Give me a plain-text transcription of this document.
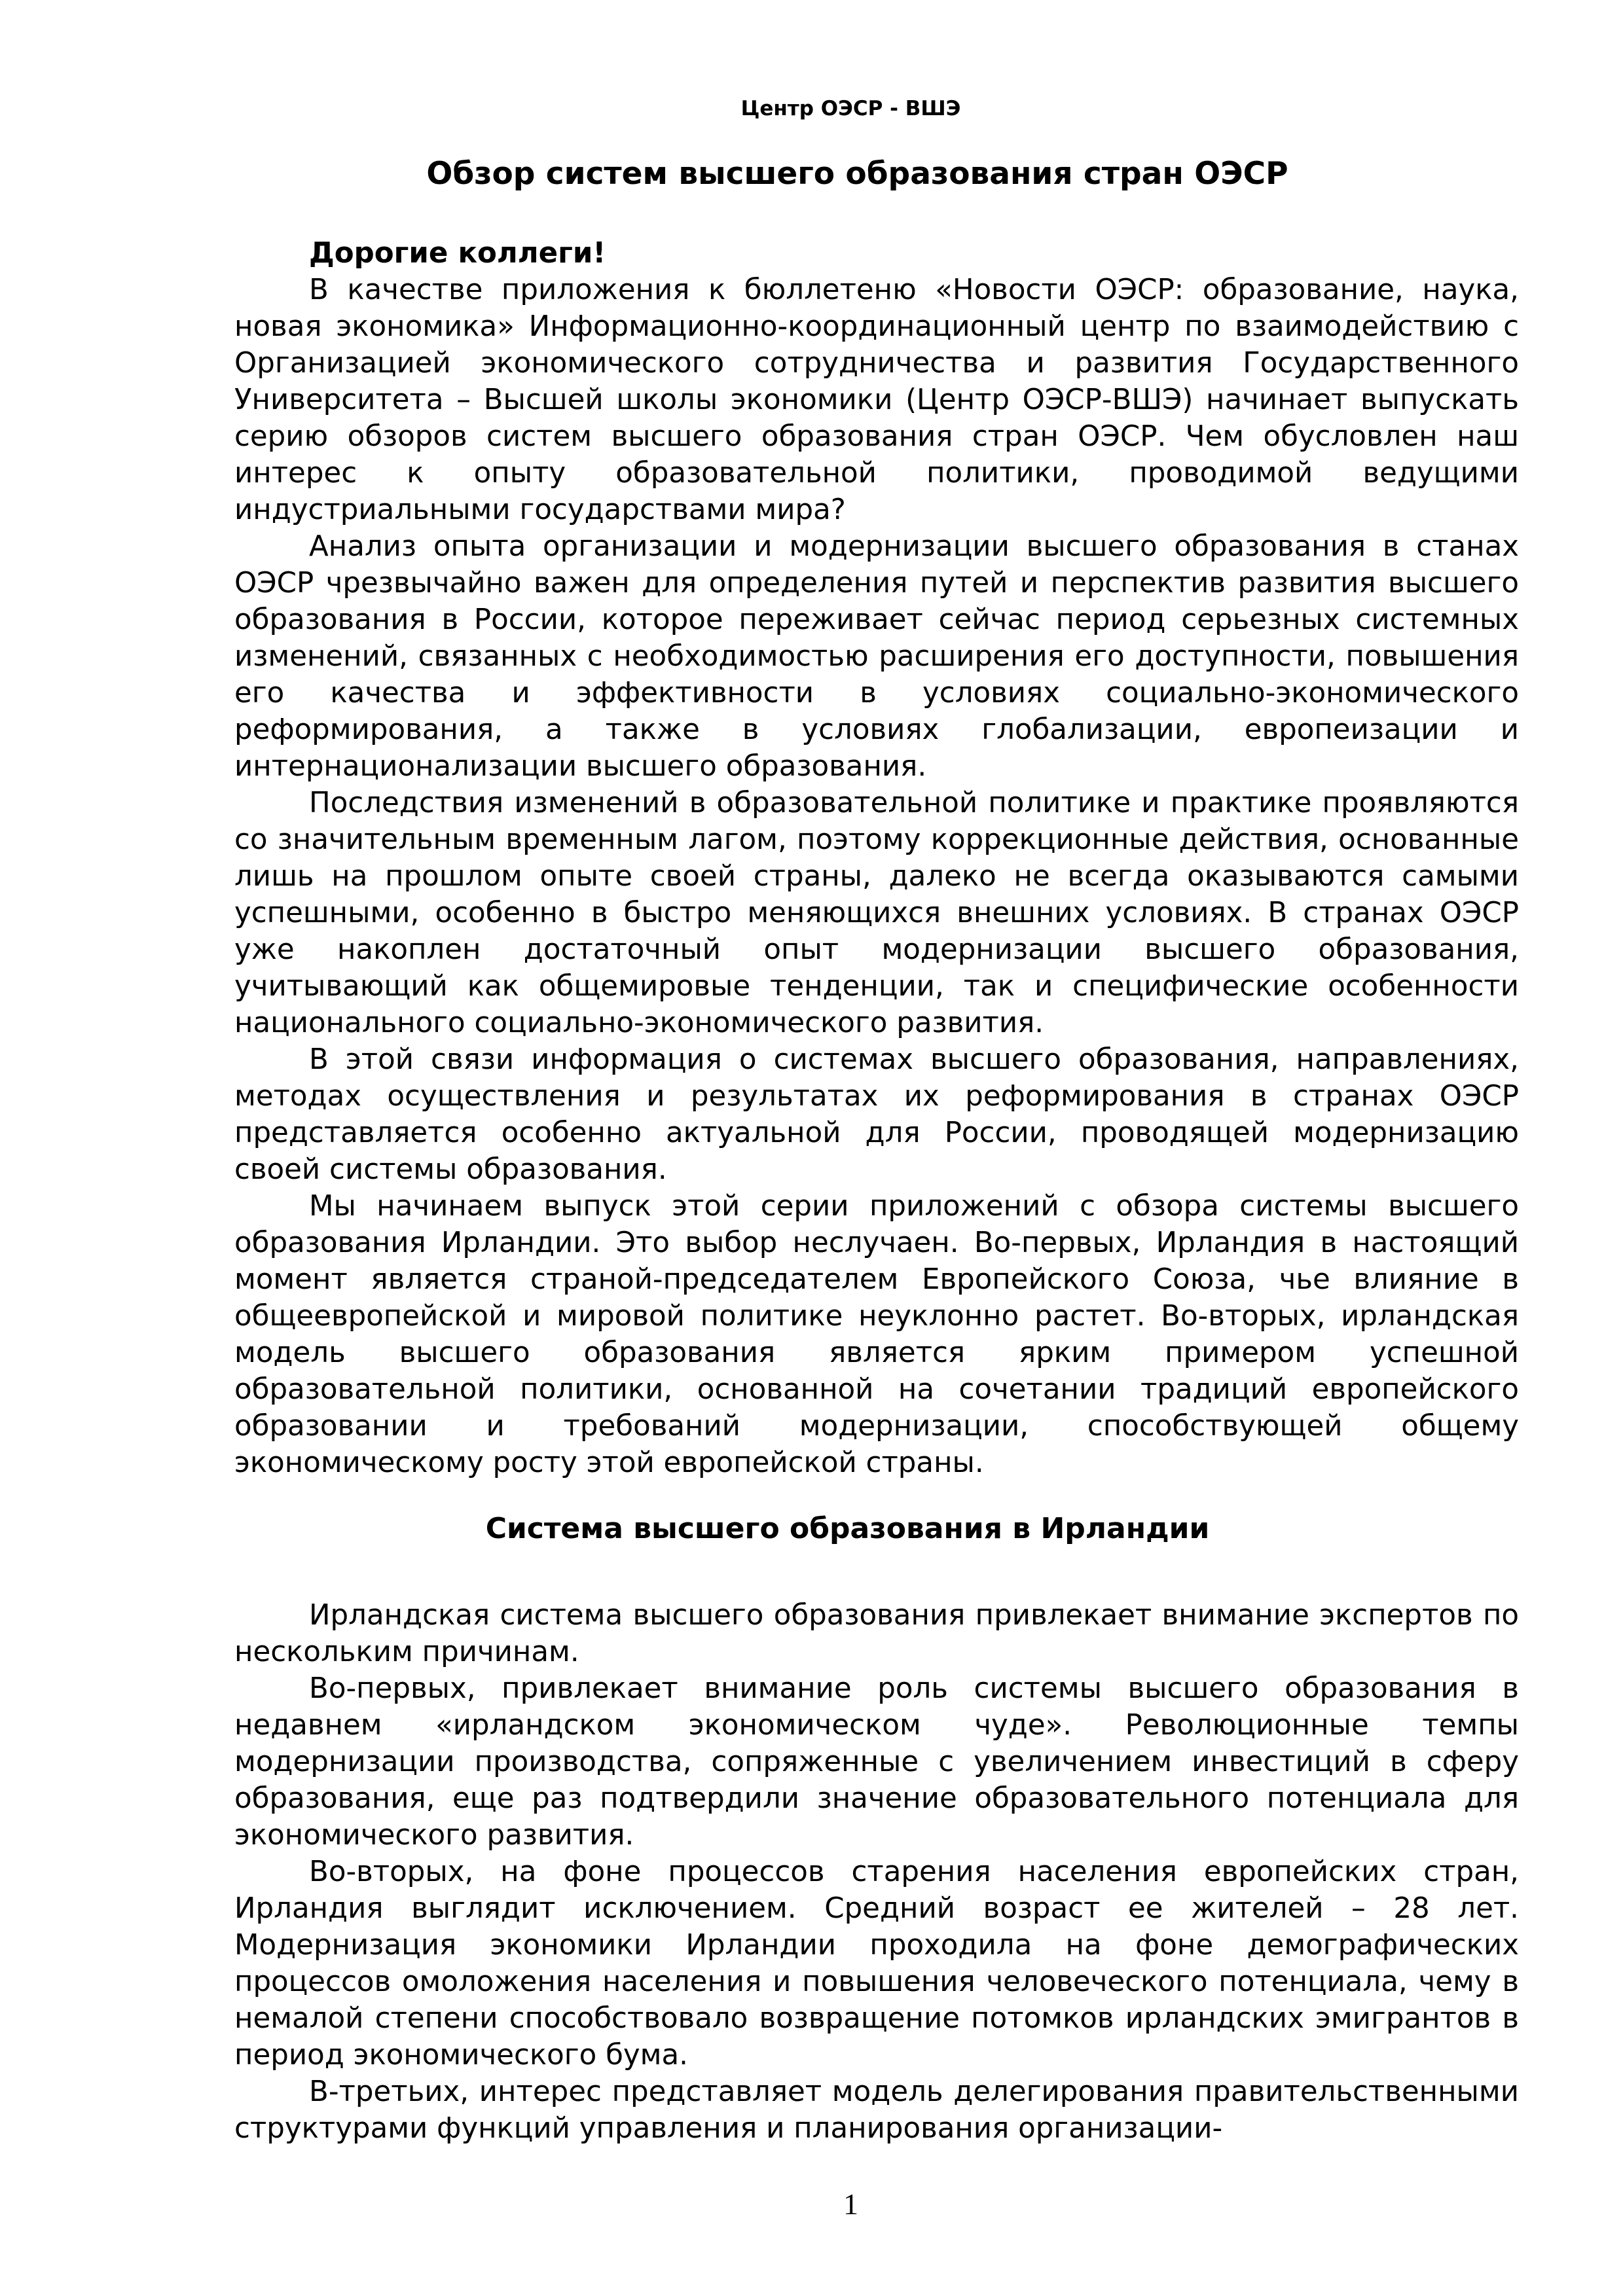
Центр ОЭСР - ВШЭ
Обзор систем высшего образования стран ОЭСР
Дорогие коллеги!

В качестве приложения к бюллетеню «Новости ОЭСР: образование, наука, новая экономика» Информационно-координационный центр по взаимодействию с Организацией экономического сотрудничества и развития Государственного Университета – Высшей школы экономики (Центр ОЭСР-ВШЭ) начинает выпускать серию обзоров систем высшего образования стран ОЭСР. Чем обусловлен наш интерес к опыту образовательной политики, проводимой ведущими индустриальными государствами мира?

Анализ опыта организации и модернизации высшего образования в станах ОЭСР чрезвычайно важен для определения путей и перспектив развития высшего образования в России, которое переживает сейчас период серьезных системных изменений, связанных с необходимостью расширения его доступности, повышения его качества и эффективности в условиях социально-экономического реформирования, а также в условиях глобализации, европеизации и интернационализации высшего образования.

Последствия изменений в образовательной политике и практике проявляются со значительным временным лагом, поэтому коррекционные действия, основанные лишь на прошлом опыте своей страны, далеко не всегда оказываются самыми успешными, особенно в быстро меняющихся внешних условиях. В странах ОЭСР уже накоплен достаточный опыт модернизации высшего образования, учитывающий как общемировые тенденции, так и специфические особенности национального социально-экономического развития.

В этой связи информация о системах высшего образования, направлениях, методах осуществления и результатах их реформирования в странах ОЭСР представляется особенно актуальной для России, проводящей модернизацию своей системы образования.

Мы начинаем выпуск этой серии приложений с обзора системы высшего образования Ирландии. Это выбор неслучаен. Во-первых, Ирландия в настоящий момент является страной-председателем Европейского Союза, чье влияние в общеевропейской и мировой политике неуклонно растет. Во-вторых, ирландская модель высшего образования является ярким примером успешной образовательной политики, основанной на сочетании традиций европейского образовании и требований модернизации, способствующей общему экономическому росту этой европейской страны.

Система высшего образования в Ирландии

Ирландская система высшего образования привлекает внимание экспертов по нескольким причинам.

Во-первых, привлекает внимание роль системы высшего образования в недавнем «ирландском экономическом чуде». Революционные темпы модернизации производства, сопряженные с увеличением инвестиций в сферу образования, еще раз подтвердили значение образовательного потенциала для экономического развития.

Во-вторых, на фоне процессов старения населения европейских стран, Ирландия выглядит исключением. Средний возраст ее жителей – 28 лет. Модернизация экономики Ирландии проходила на фоне демографических процессов омоложения населения и повышения человеческого потенциала, чему в немалой степени способствовало возвращение потомков ирландских эмигрантов в период экономического бума.

В-третьих, интерес представляет модель делегирования правительственными структурами функций управления и планирования организации-

1
